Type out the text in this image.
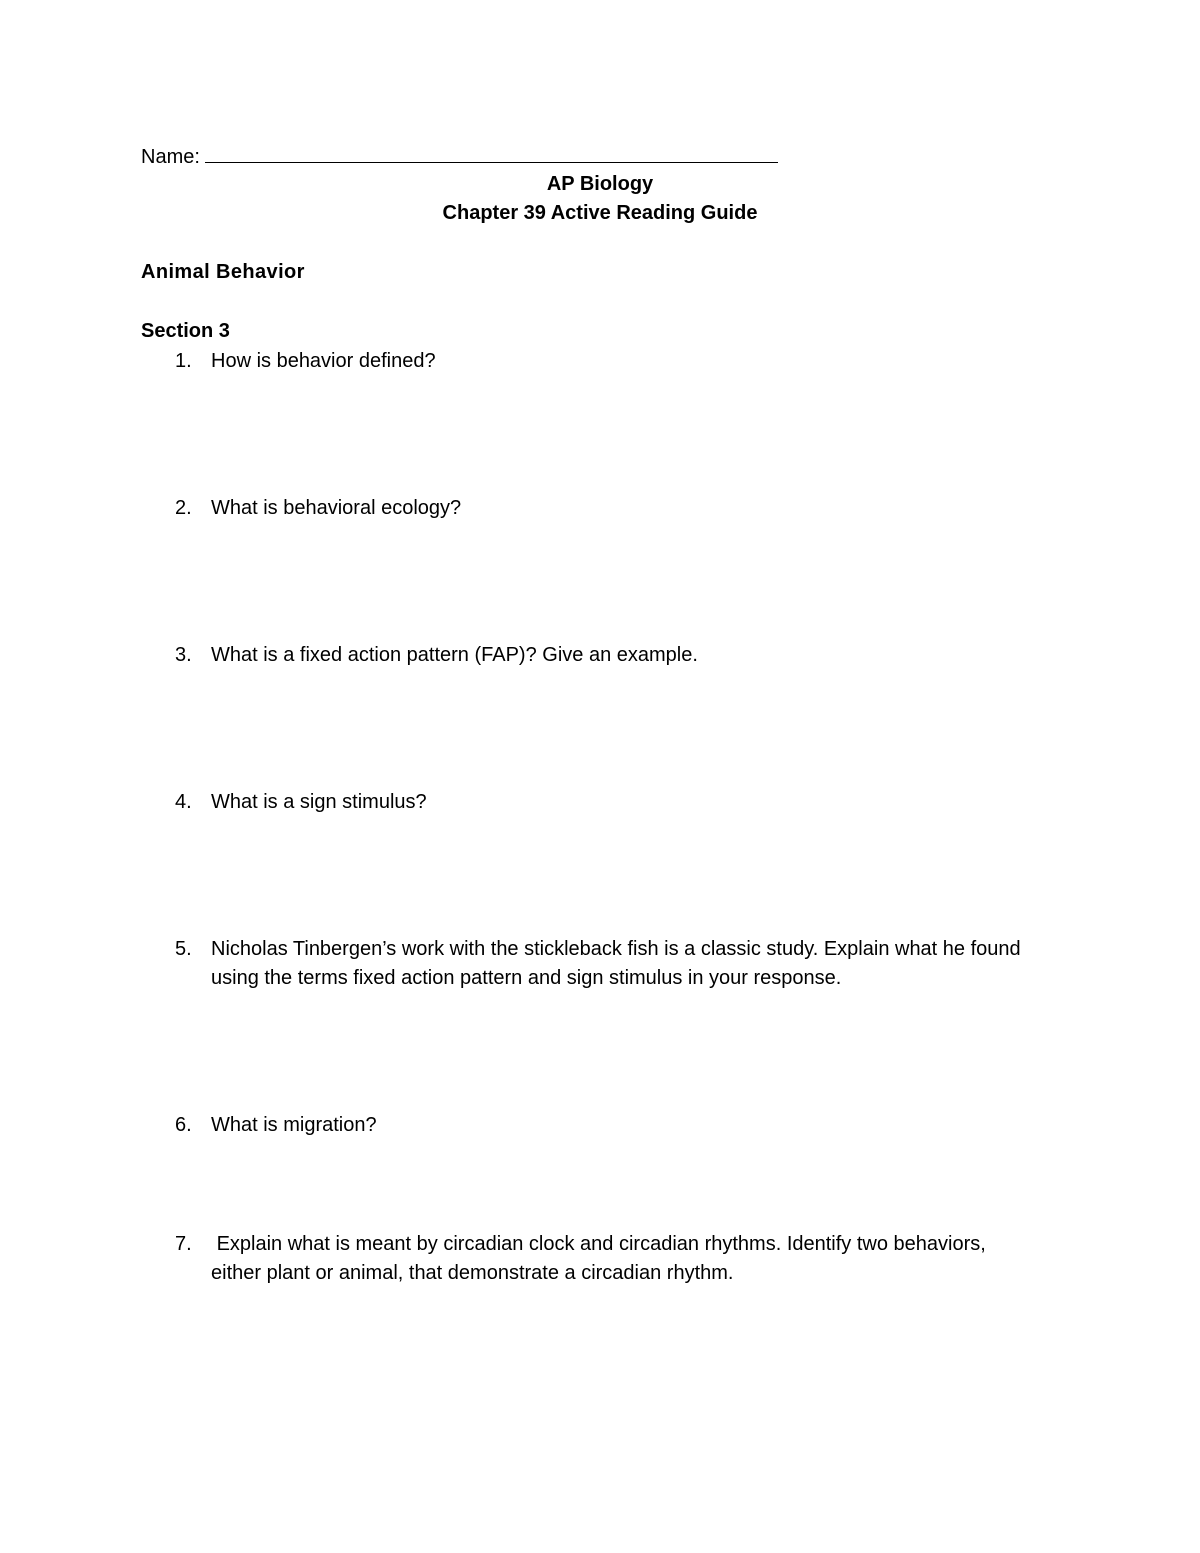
Name:
AP Biology
Chapter 39 Active Reading Guide
Animal Behavior
Section 3
1. How is behavior defined?
2. What is behavioral ecology?
3. What is a fixed action pattern (FAP)? Give an example.
4. What is a sign stimulus?
5. Nicholas Tinbergen’s work with the stickleback fish is a classic study. Explain what he found using the terms fixed action pattern and sign stimulus in your response.
6. What is migration?
7. Explain what is meant by circadian clock and circadian rhythms. Identify two behaviors, either plant or animal, that demonstrate a circadian rhythm.
